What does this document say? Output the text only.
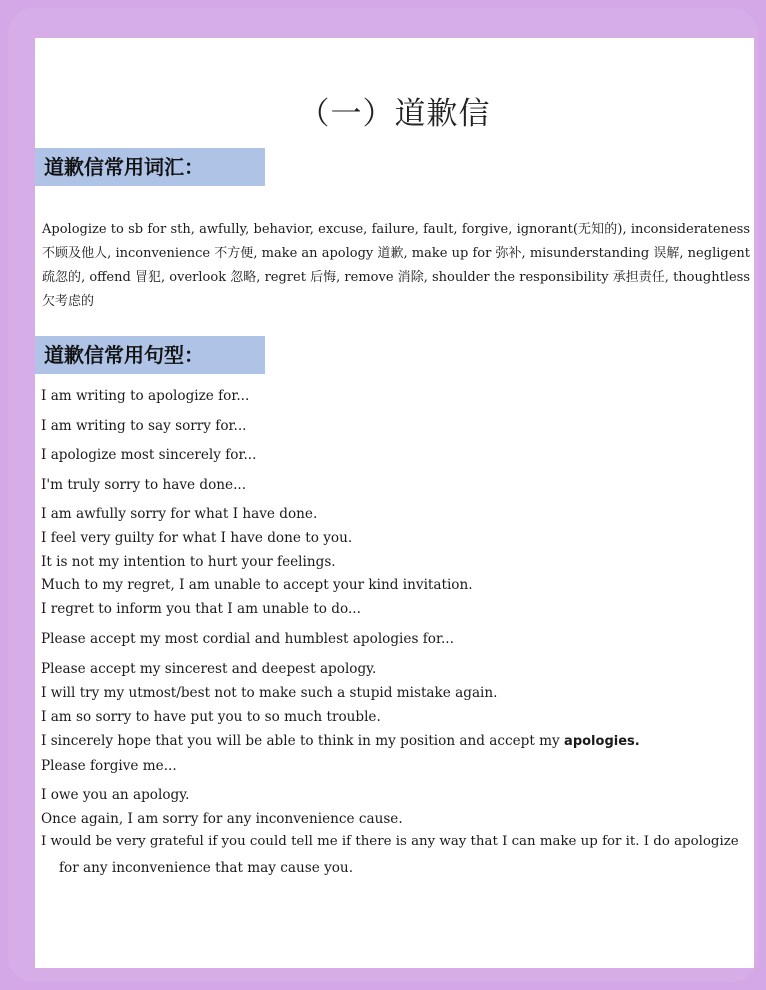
（一）道歉信
道歉信常用词汇：
Apologize to sb for sth, awfully, behavior, excuse, failure, fault, forgive, ignorant(无知的), inconsiderateness 不顾及他人, inconvenience 不方便, make an apology 道歉, make up for 弥补, misunderstanding 误解, negligent 疏忽的, offend 冒犯, overlook 忽略, regret 后悔, remove 消除, shoulder the responsibility 承担责任, thoughtless 欠考虑的
道歉信常用句型：
I am writing to apologize for...
I am writing to say sorry for...
I apologize most sincerely for...
I'm truly sorry to have done...
I am awfully sorry for what I have done.
I feel very guilty for what I have done to you.
It is not my intention to hurt your feelings.
Much to my regret, I am unable to accept your kind invitation.
I regret to inform you that I am unable to do...
Please accept my most cordial and humblest apologies for...
Please accept my sincerest and deepest apology.
I will try my utmost/best not to make such a stupid mistake again.
I am so sorry to have put you to so much trouble.
I sincerely hope that you will be able to think in my position and accept my apologies.
Please forgive me...
I owe you an apology.
Once again, I am sorry for any inconvenience cause.
I would be very grateful if you could tell me if there is any way that I can make up for it. I do apologize
for any inconvenience that may cause you.
